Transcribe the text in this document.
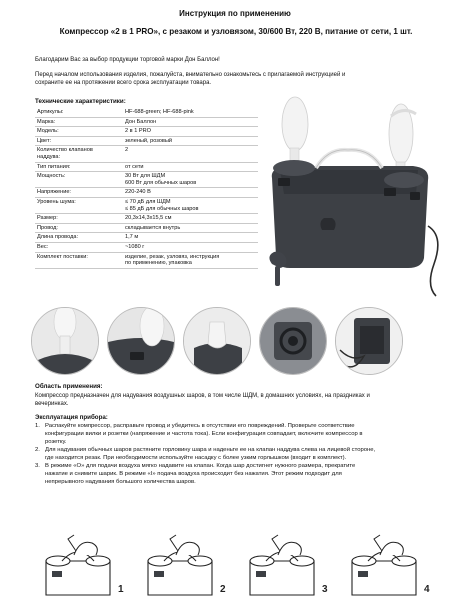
Инструкция по применению
Компрессор «2 в 1 PRO», с резаком и узловязом, 30/600 Вт, 220 В, питание от сети, 1 шт.
Благодарим Вас за выбор продукции торговой марки Дон Баллон!
Перед началом использования изделия, пожалуйста, внимательно ознакомьтесь с прилагаемой инструкцией и
сохраните ее на протяжении всего срока эксплуатации товара.
Технические характеристики:
Артикулы:	HF-688-green; HF-688-pink
Марка:	Дон Баллон
Модель:	2 в 1 PRO
Цвет:	зеленый, розовый
Количество клапанов
наддува:
2
Тип питания:	от сети
Мощность:	30 Вт для ШДМ
600 Вт для обычных шаров
Напряжение:	220-240 В
Уровень шума:	≤ 70 дБ для ШДМ
≤ 85 дБ для обычных шаров
Размер:	20,3х14,3х15,5 см
Провод:	складывается внутрь
Длина провода:	1,7 м
Вес:	~1080 г
Комплект поставки:	изделие, резак, узловяз, инструкция
по применению, упаковка
Область применения:
Компрессор предназначен для надувания воздушных шаров, в том числе ШДМ, в домашних условиях, на праздниках и
вечеринках.
Эксплуатация прибора:
1. Распакуйте компрессор, расправьте провод и убедитесь в отсутствии его повреждений. Проверьте соответствие
конфигурации вилки и розетки (напряжение и частота тока). Если конфигурация совпадает, включите компрессор в
розетку.
2. Для надувания обычных шаров растяните горловину шара и наденьте ее на клапан наддува слева на лицевой стороне,
где находится резак. При необходимости используйте насадку с более узким горлышком (входит в комплект).
3. В режиме «О» для подачи воздуха мягко надавите на клапан. Когда шар достигнет нужного размера, прекратите
нажатие и снимите шарик. В режиме «I» подача воздуха происходит без нажатия. Этот режим подходит для
непрерывного надувания большого количества шаров.
1	2	3	4
